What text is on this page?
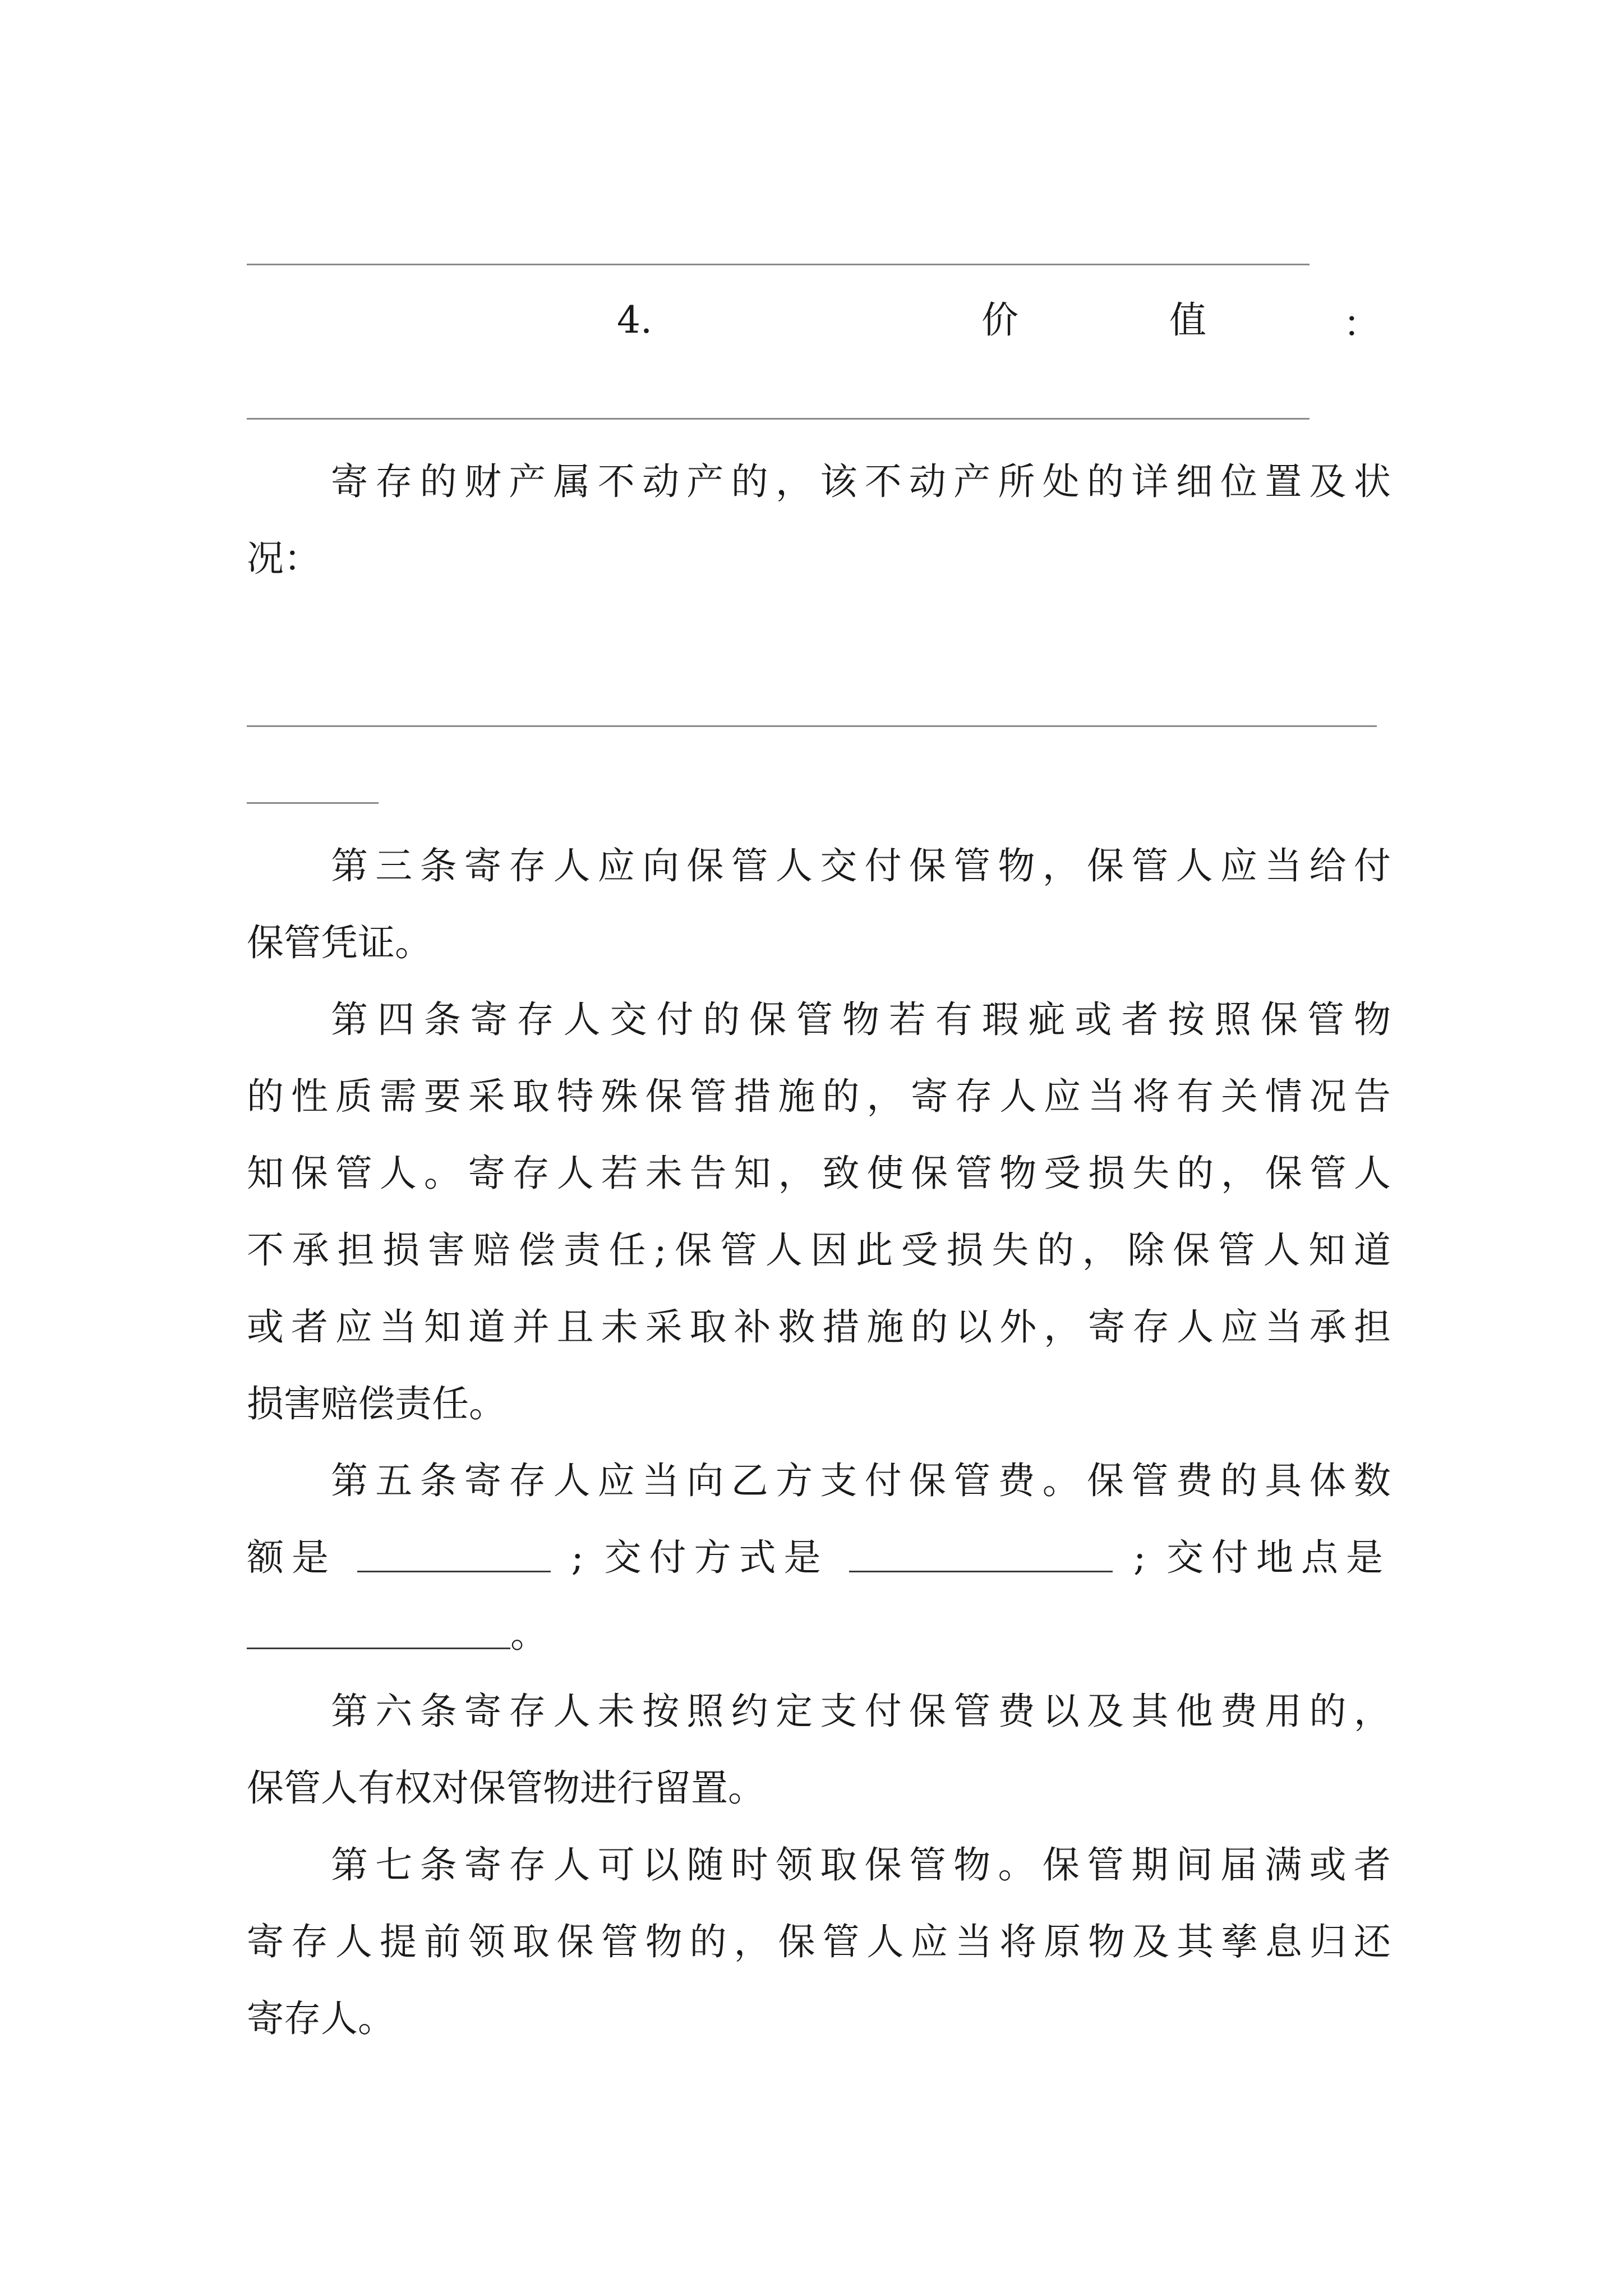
4.	价	值	：
寄 存 的 财 产 属 不 动 产 的 ， 该 不 动 产 所 处 的 详 细 位 置 及 状
况：
第 三 条 寄 存 人 应 向 保 管 人 交 付 保 管 物 ， 保 管 人 应 当 给 付
保管凭证。
第 四 条 寄 存 人 交 付 的 保 管 物 若 有 瑕 疵 或 者 按 照 保 管 物
的 性 质 需 要 采 取 特 殊 保 管 措 施 的 ， 寄 存 人 应 当 将 有 关 情 况 告
知 保 管 人 。 寄 存 人 若 未 告 知 ， 致 使 保 管 物 受 损 失 的 ， 保 管 人
不 承 担 损 害 赔 偿 责 任 ; 保 管 人 因 此 受 损 失 的 ， 除 保 管 人 知 道
或 者 应 当 知 道 并 且 未 采 取 补 救 措 施 的 以 外 ， 寄 存 人 应 当 承 担
损害赔偿责任。
第 五 条 寄 存 人 应 当 向 乙 方 支 付 保 管 费 。 保 管 费 的 具 体 数
额是	; 交付方式是	; 交付地点是
。
第 六 条 寄 存 人 未 按 照 约 定 支 付 保 管 费 以 及 其 他 费 用 的 ，
保管人有权对保管物进行留置。
第 七 条 寄 存 人 可 以 随 时 领 取 保 管 物 。 保 管 期 间 届 满 或 者
寄 存 人 提 前 领 取 保 管 物 的 ， 保 管 人 应 当 将 原 物 及 其 孳 息 归 还
寄存人。
